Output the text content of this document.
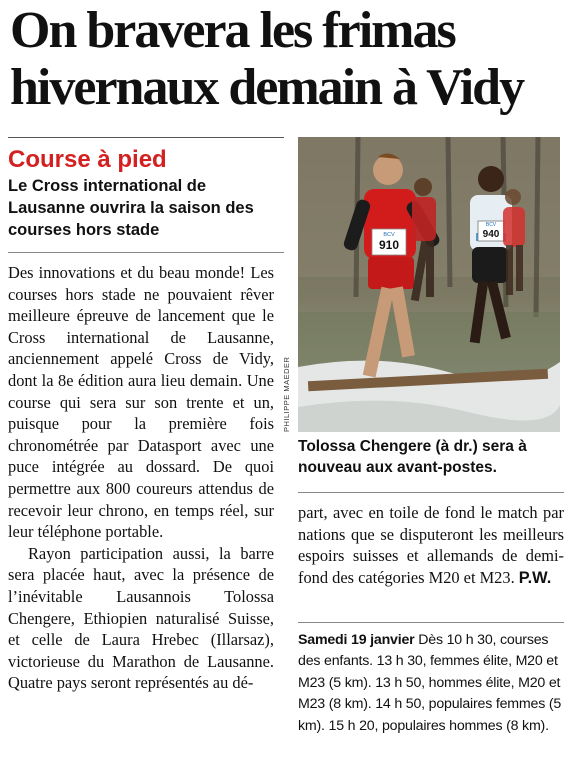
On bravera les frimas
hivernaux demain à Vidy
Course à pied

Le Cross international de Lausanne ouvrira la saison des courses hors stade

Des innovations et du beau monde! Les courses hors stade ne pouvaient rêver meilleure épreuve de lancement que le Cross international de Lausanne, anciennement appelé Cross de Vidy, dont la 8e édition aura lieu demain. Une course qui sera sur son trente et un, puisque pour la première fois chronométrée par Datasport avec une puce intégrée au dossard. De quoi permettre aux 800 coureurs attendus de recevoir leur chrono, en temps réel, sur leur téléphone portable.

Rayon participation aussi, la barre sera placée haut, avec la présence de l’inévitable Lausannois Tolossa Chengere, Ethiopien naturalisé Suisse, et celle de Laura Hrebec (Illarsaz), victorieuse du Marathon de Lausanne. Quatre pays seront représentés au dé-

940
BCV
910
BCV
PHILIPPE MAEDER

Tolossa Chengere (à dr.) sera à nouveau aux avant-postes.

part, avec en toile de fond le match par nations que se disputeront les meilleurs espoirs suisses et allemands de demi-fond des catégories M20 et M23. P.W.

Samedi 19 janvier Dès 10 h 30, courses des enfants. 13 h 30, femmes élite, M20 et M23 (5 km). 13 h 50, hommes élite, M20 et M23 (8 km). 14 h 50, populaires femmes (5 km). 15 h 20, populaires hommes (8 km).
